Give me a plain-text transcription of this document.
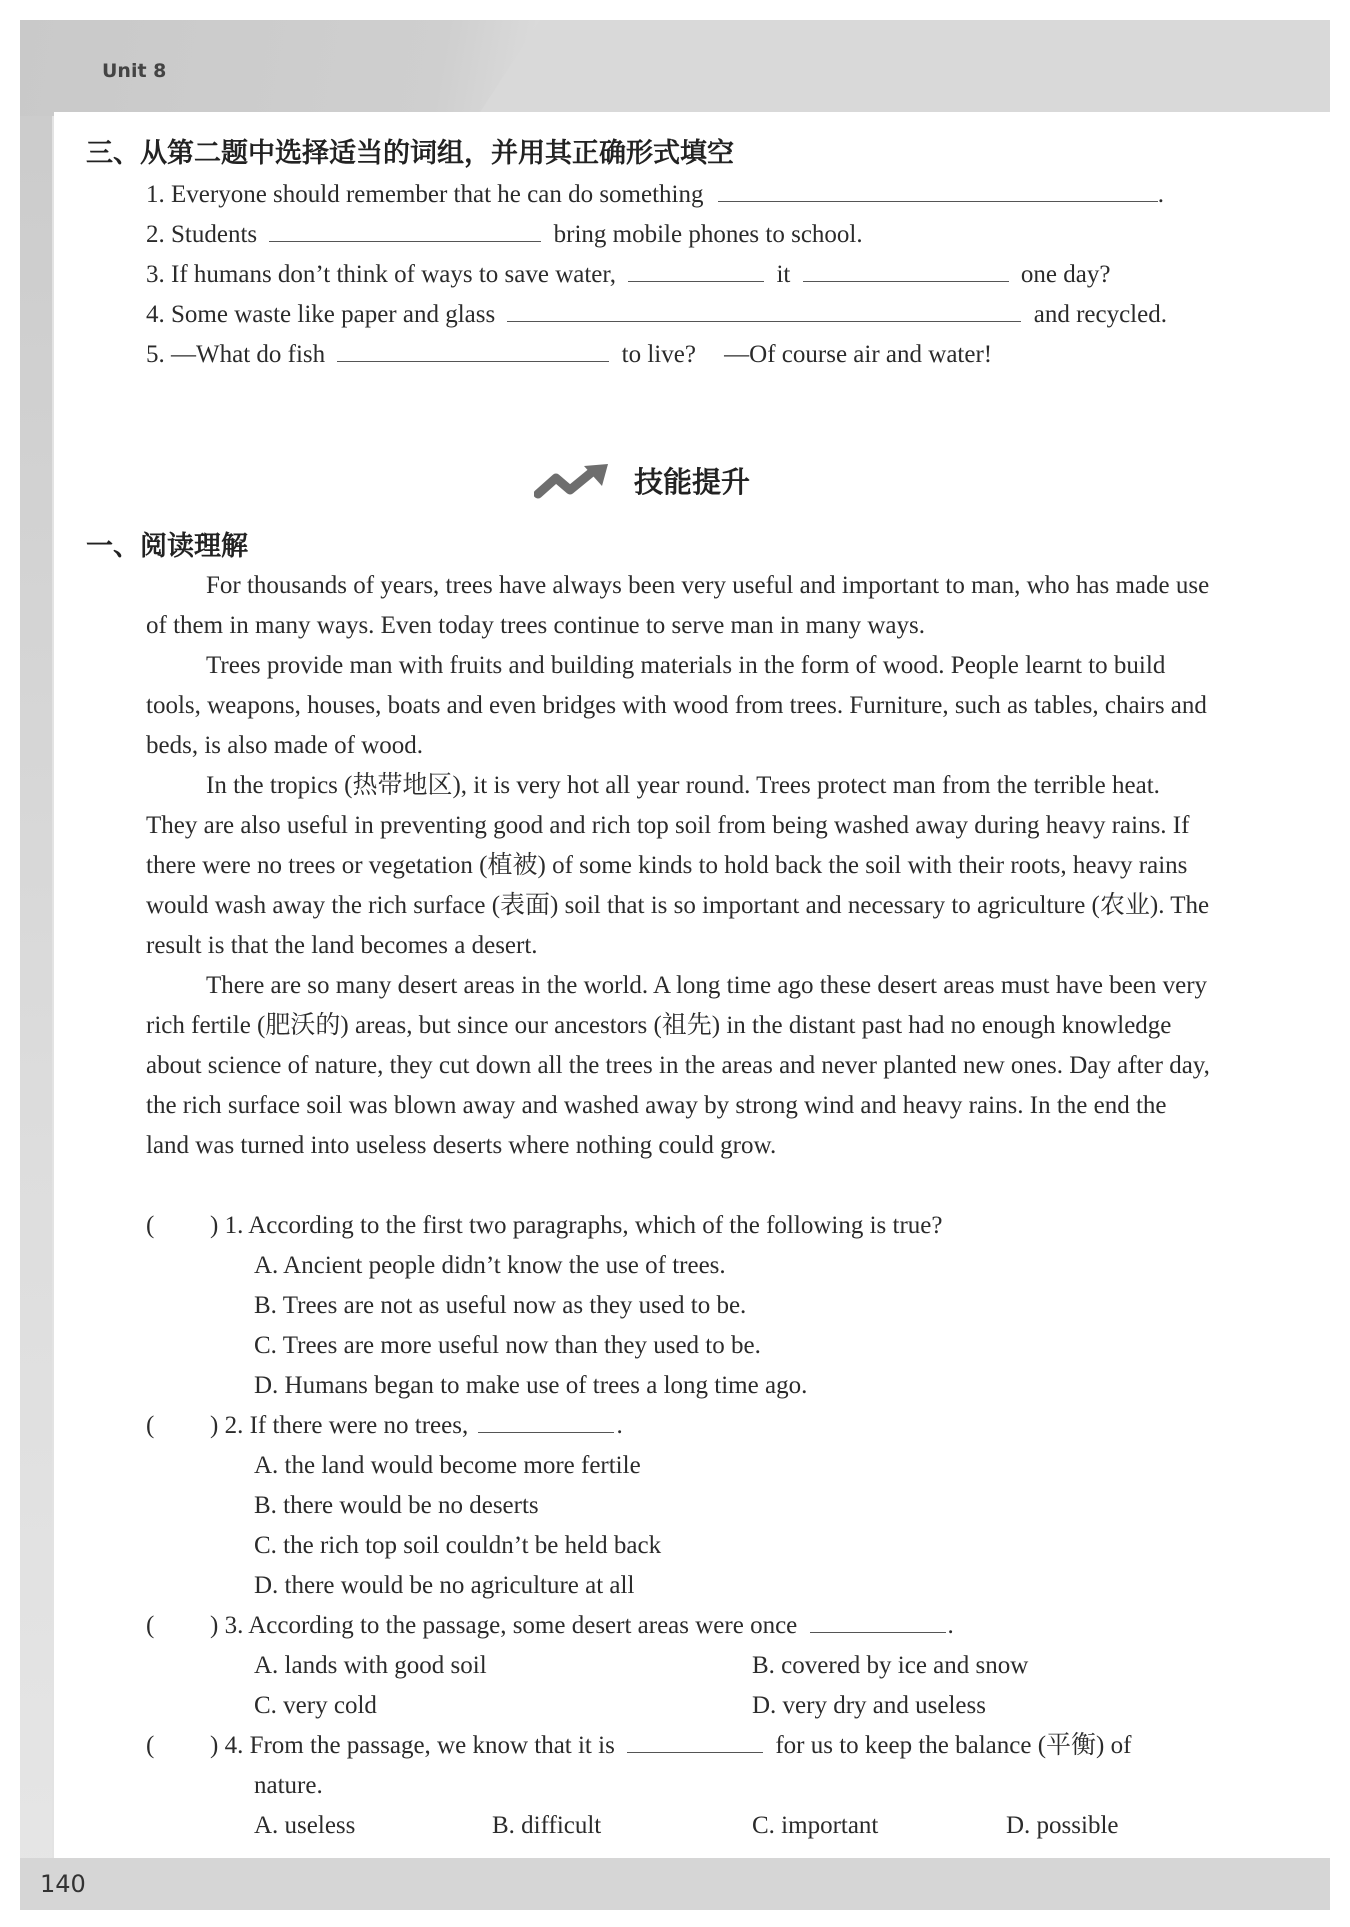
Unit 8
140
三、从第二题中选择适当的词组，并用其正确形式填空
1. Everyone should remember that he can do something	.
2. Students	bring mobile phones to school.
3. If humans don’t think of ways to save water,	it	one day?
4. Some waste like paper and glass	and recycled.
5. —What do fish	to live? —Of course air and water!
技能提升
一、阅读理解

For thousands of years, trees have always been very useful and important to man, who has made use of them in many ways. Even today trees continue to serve man in many ways.

Trees provide man with fruits and building materials in the form of wood. People learnt to build tools, weapons, houses, boats and even bridges with wood from trees. Furniture, such as tables, chairs and beds, is also made of wood.

In the tropics (热带地区), it is very hot all year round. Trees protect man from the terrible heat. They are also useful in preventing good and rich top soil from being washed away during heavy rains. If there were no trees or vegetation (植被) of some kinds to hold back the soil with their roots, heavy rains would wash away the rich surface (表面) soil that is so important and necessary to agriculture (农业). The result is that the land becomes a desert.

There are so many desert areas in the world. A long time ago these desert areas must have been very rich fertile (肥沃的) areas, but since our ancestors (祖先) in the distant past had no enough knowledge about science of nature, they cut down all the trees in the areas and never planted new ones. Day after day, the rich surface soil was blown away and washed away by strong wind and heavy rains. In the end the land was turned into useless deserts where nothing could grow.

( ) 1. According to the first two paragraphs, which of the following is true?
A. Ancient people didn’t know the use of trees.
B. Trees are not as useful now as they used to be.
C. Trees are more useful now than they used to be.
D. Humans began to make use of trees a long time ago.
( ) 2. If there were no trees,	.
A. the land would become more fertile
B. there would be no deserts
C. the rich top soil couldn’t be held back
D. there would be no agriculture at all
( ) 3. According to the passage, some desert areas were once	.
A. lands with good soil	B. covered by ice and snow
C. very cold	D. very dry and useless
( ) 4. From the passage, we know that it is	for us to keep the balance (平衡) of
nature.
A. useless	B. difficult	C. important	D. possible
